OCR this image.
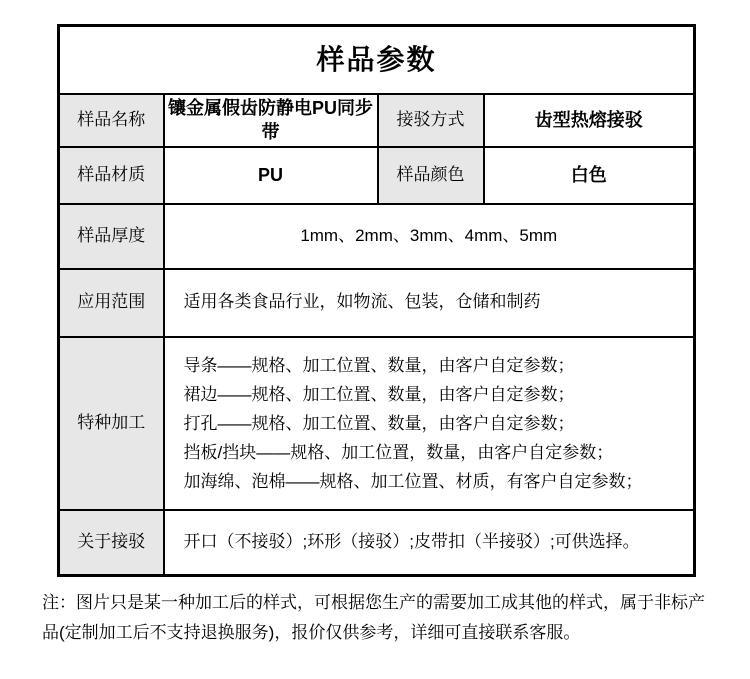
样品参数			
样品名称	镶金属假齿防静电PU同步带	接驳方式	齿型热熔接驳
样品材质	PU	样品颜色	白色
样品厚度	1mm、2mm、3mm、4mm、5mm		
应用范围	适用各类食品行业，如物流、包装，仓储和制药		
特种加工	导条——规格、加工位置、数量，由客户自定参数；
裙边——规格、加工位置、数量，由客户自定参数；
打孔——规格、加工位置、数量，由客户自定参数；
挡板/挡块——规格、加工位置，数量，由客户自定参数；
加海绵、泡棉——规格、加工位置、材质，有客户自定参数；		

关于接驳	开口（不接驳）;环形（接驳）;皮带扣（半接驳）;可供选择。		

注：图片只是某一种加工后的样式，可根据您生产的需要加工成其他的样式，属于非标产品(定制加工后不支持退换服务)，报价仅供参考，详细可直接联系客服。
